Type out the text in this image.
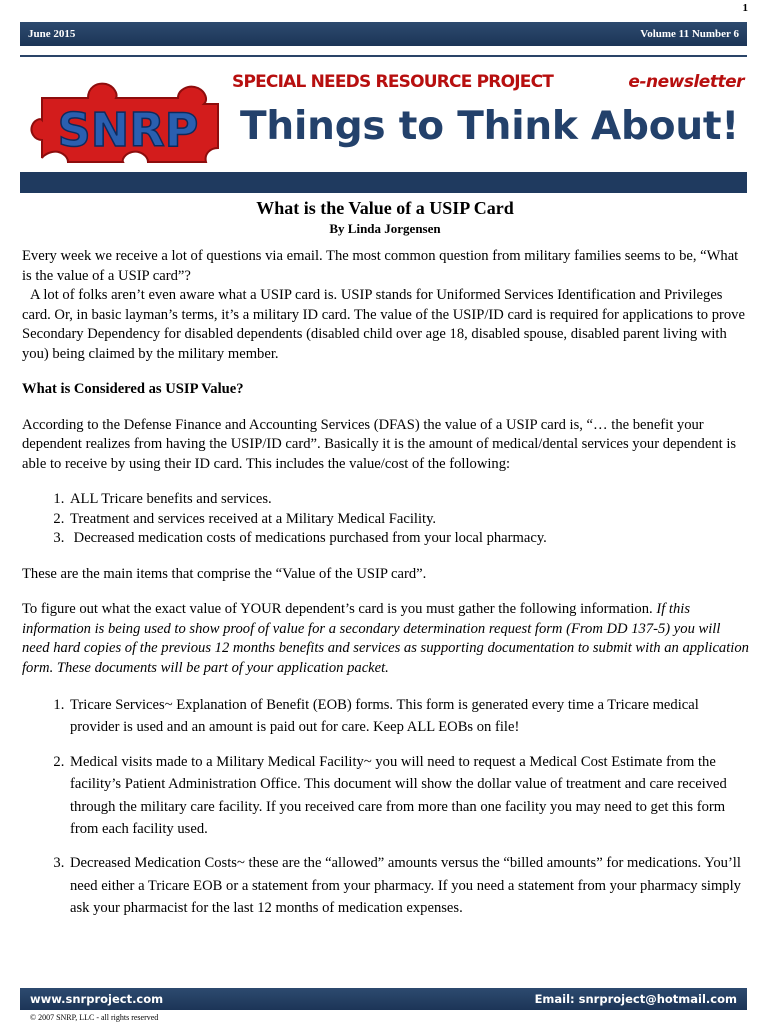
1
June 2015	Volume 11 Number 6
SNRP
SPECIAL NEEDS RESOURCE PROJECT	e-newsletter
Things to Think About!
What is the Value of a USIP Card
By Linda Jorgensen

Every week we receive a lot of questions via email. The most common question from military families seems to be, “What is the value of a USIP card”?

A lot of folks aren’t even aware what a USIP card is. USIP stands for Uniformed Services Identification and Privileges card. Or, in basic layman’s terms, it’s a military ID card. The value of the USIP/ID card is required for applications to prove Secondary Dependency for disabled dependents (disabled child over age 18, disabled spouse, disabled parent living with you) being claimed by the military member.

What is Considered as USIP Value?

According to the Defense Finance and Accounting Services (DFAS) the value of a USIP card is, “… the benefit your dependent realizes from having the USIP/ID card”. Basically it is the amount of medical/dental services your dependent is able to receive by using their ID card. This includes the value/cost of the following:

1. ALL Tricare benefits and services.
2. Treatment and services received at a Military Medical Facility.
3.  Decreased medication costs of medications purchased from your local pharmacy.

These are the main items that comprise the “Value of the USIP card”.

To figure out what the exact value of YOUR dependent’s card is you must gather the following information. If this information is being used to show proof of value for a secondary determination request form (From DD 137-5) you will need hard copies of the previous 12 months benefits and services as supporting documentation to submit with an application form. These documents will be part of your application packet.

1. Tricare Services~ Explanation of Benefit (EOB) forms. This form is generated every time a Tricare medical provider is used and an amount is paid out for care. Keep ALL EOBs on file!
2. Medical visits made to a Military Medical Facility~ you will need to request a Medical Cost Estimate from the facility’s Patient Administration Office. This document will show the dollar value of treatment and care received through the military care facility. If you received care from more than one facility you may need to get this form from each facility used.
3. Decreased Medication Costs~ these are the “allowed” amounts versus the “billed amounts” for medications. You’ll need either a Tricare EOB or a statement from your pharmacy. If you need a statement from your pharmacy simply ask your pharmacist for the last 12 months of medication expenses.
www.snrproject.com	Email: snrproject@hotmail.com
© 2007 SNRP, LLC - all rights reserved
